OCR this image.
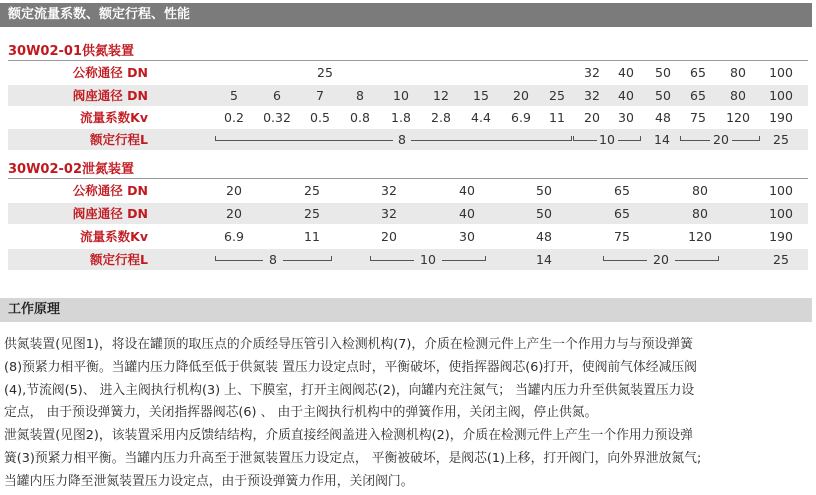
额定流量系数、额定行程、性能
30W02-01供氮装置
公称通径 DN	25	32 40 50 65 80 100
阀座通径 DN	5	6	7	8 10 12 15 20 25 32 40 50 65 80 100
流量系数Kv	0.2 0.32 0.5 0.8 1.8 2.8 4.4 6.9 11 20 30 48 75 120 190
额定行程L	8	10	14	20	25
30W02-02泄氮装置
公称通径 DN	20	25	32	40	50	65	80	100
阀座通径 DN	20	25	32	40	50	65	80	100
流量系数Kv	6.9	11	20	30	48	75	120	190
额定行程L	8	10	14	20	25
工作原理
供氮装置(见图1)，将设在罐顶的取压点的介质经导压管引入检测机构(7)，介质在检测元件上产生一个作用力与与预设弹簧
(8)预紧力相平衡。当罐内压力降低至低于供氮装 置压力设定点时，平衡破坏，使指挥器阀芯(6)打开，使阀前气体经减压阀
(4),节流阀(5)、 进入主阀执行机构(3) 上、下膜室，打开主阀阀芯(2)，向罐内充注氮气； 当罐内压力升至供氮装置压力设
定点， 由于预设弹簧力，关闭指挥器阀芯(6) 、 由于主阀执行机构中的弹簧作用，关闭主阀，停止供氮。
泄氮装置(见图2)，该装置采用内反馈结结构，介质直接经阀盖进入检测机构(2)，介质在检测元件上产生一个作用力预设弹
簧(3)预紧力相平衡。当罐内压力升高至于泄氮装置压力设定点， 平衡被破坏，是阀芯(1)上移，打开阀门，向外界泄放氮气;
当罐内压力降至泄氮装置压力设定点，由于预设弹簧力作用，关闭阀门。
